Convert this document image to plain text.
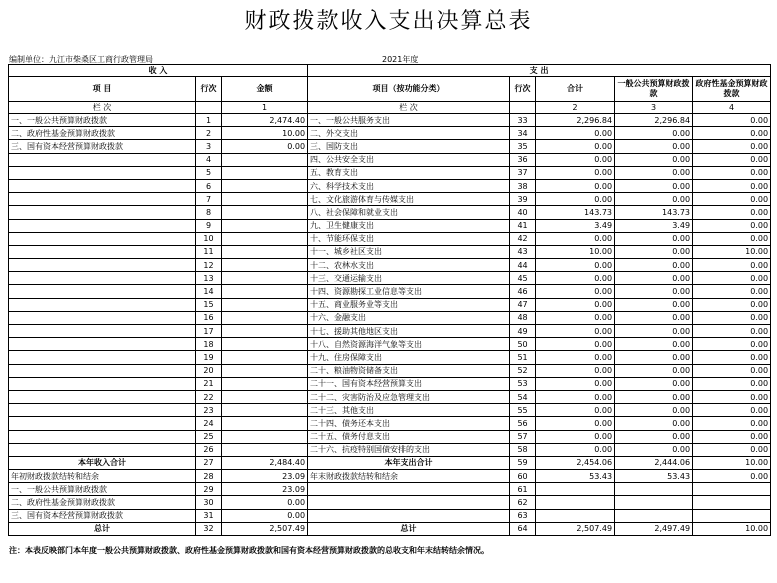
财政拨款收入支出决算总表
编制单位：九江市柴桑区工商行政管理局	2021年度
收 入			支 出				
项 目	行次	金额	项目（按功能分类）	行次	合计	一般公共预算财政拨款	政府性基金预算财政拨款
栏 次		1	栏 次		2	3	4
一、一般公共预算财政拨款	1	2,474.40	一、一般公共服务支出	33	2,296.84	2,296.84	0.00
二、政府性基金预算财政拨款	2	10.00	二、外交支出	34	0.00	0.00	0.00
三、国有资本经营预算财政拨款	3	0.00	三、国防支出	35	0.00	0.00	0.00
	4		四、公共安全支出	36	0.00	0.00	0.00
	5		五、教育支出	37	0.00	0.00	0.00
	6		六、科学技术支出	38	0.00	0.00	0.00
	7		七、文化旅游体育与传媒支出	39	0.00	0.00	0.00
	8		八、社会保障和就业支出	40	143.73	143.73	0.00
	9		九、卫生健康支出	41	3.49	3.49	0.00
	10		十、节能环保支出	42	0.00	0.00	0.00
	11		十一、城乡社区支出	43	10.00	0.00	10.00
	12		十二、农林水支出	44	0.00	0.00	0.00
	13		十三、交通运输支出	45	0.00	0.00	0.00
	14		十四、资源勘探工业信息等支出	46	0.00	0.00	0.00
	15		十五、商业服务业等支出	47	0.00	0.00	0.00
	16		十六、金融支出	48	0.00	0.00	0.00
	17		十七、援助其他地区支出	49	0.00	0.00	0.00
	18		十八、自然资源海洋气象等支出	50	0.00	0.00	0.00
	19		十九、住房保障支出	51	0.00	0.00	0.00
	20		二十、粮油物资储备支出	52	0.00	0.00	0.00
	21		二十一、国有资本经营预算支出	53	0.00	0.00	0.00
	22		二十二、灾害防治及应急管理支出	54	0.00	0.00	0.00
	23		二十三、其他支出	55	0.00	0.00	0.00
	24		二十四、债务还本支出	56	0.00	0.00	0.00
	25		二十五、债务付息支出	57	0.00	0.00	0.00
	26		二十六、抗疫特别国债安排的支出	58	0.00	0.00	0.00
本年收入合计	27	2,484.40	本年支出合计	59	2,454.06	2,444.06	10.00
年初财政拨款结转和结余	28	23.09	年末财政拨款结转和结余	60	53.43	53.43	0.00
一、一般公共预算财政拨款	29	23.09		61			
二、政府性基金预算财政拨款	30	0.00		62			
三、国有资本经营预算财政拨款	31	0.00		63			
总计	32	2,507.49	总计	64	2,507.49	2,497.49	10.00
注：本表反映部门本年度一般公共预算财政拨款、政府性基金预算财政拨款和国有资本经营预算财政拨款的总收支和年末结转结余情况。
